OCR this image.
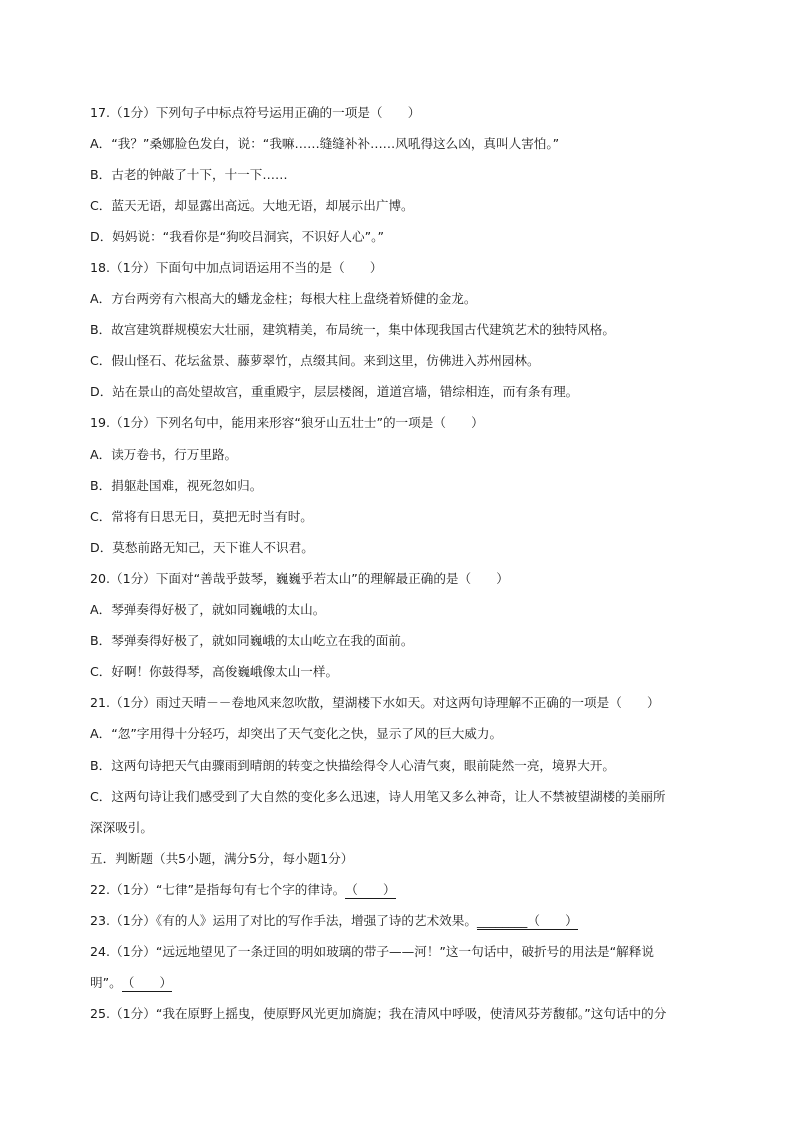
17.（1分）下列句子中标点符号运用正确的一项是（　　）
A．“我？”桑娜脸色发白，说：“我嘛……缝缝补补……风吼得这么凶，真叫人害怕。”
B．古老的钟敲了十下，十一下……
C．蓝天无语，却显露出高远。大地无语，却展示出广博。
D．妈妈说：“我看你是“狗咬吕洞宾，不识好人心”。”
18.（1分）下面句中加点词语运用不当的是（　　）
A．方台两旁有六根高大的蟠龙金柱；每根大柱上盘绕着矫健的金龙。
B．故宫建筑群规模宏大壮丽，建筑精美，布局统一，集中体现我国古代建筑艺术的独特风格。
C．假山怪石、花坛盆景、藤萝翠竹，点缀其间。来到这里，仿佛进入苏州园林。
D．站在景山的高处望故宫，重重殿宇，层层楼阁，道道宫墙，错综相连，而有条有理。
19.（1分）下列名句中，能用来形容“狼牙山五壮士”的一项是（　　）
A．读万卷书，行万里路。
B．捐躯赴国难，视死忽如归。
C．常将有日思无日，莫把无时当有时。
D．莫愁前路无知己，天下谁人不识君。
20.（1分）下面对“善哉乎鼓琴，巍巍乎若太山”的理解最正确的是（　　）
A．琴弹奏得好极了，就如同巍峨的太山。
B．琴弹奏得好极了，就如同巍峨的太山屹立在我的面前。
C．好啊！你鼓得琴，高俊巍峨像太山一样。
21.（1分）雨过天晴－－卷地风来忽吹散，望湖楼下水如天。对这两句诗理解不正确的一项是（　　）
A．“忽”字用得十分轻巧，却突出了天气变化之快，显示了风的巨大威力。
B．这两句诗把天气由骤雨到晴朗的转变之快描绘得令人心清气爽，眼前陡然一亮，境界大开。
C．这两句诗让我们感受到了大自然的变化多么迅速，诗人用笔又多么神奇，让人不禁被望湖楼的美丽所
深深吸引。
五．判断题（共5小题，满分5分，每小题1分）
22.（1分）“七律”是指每句有七个字的律诗。（　　）
23.（1分）《有的人》运用了对比的写作手法，增强了诗的艺术效果。________（　　）
24.（1分）“远远地望见了一条迂回的明如玻璃的带子——河！”这一句话中，破折号的用法是“解释说
明”。（　　）
25.（1分）“我在原野上摇曳，使原野风光更加旖旎；我在清风中呼吸，使清风芬芳馥郁。”这句话中的分
